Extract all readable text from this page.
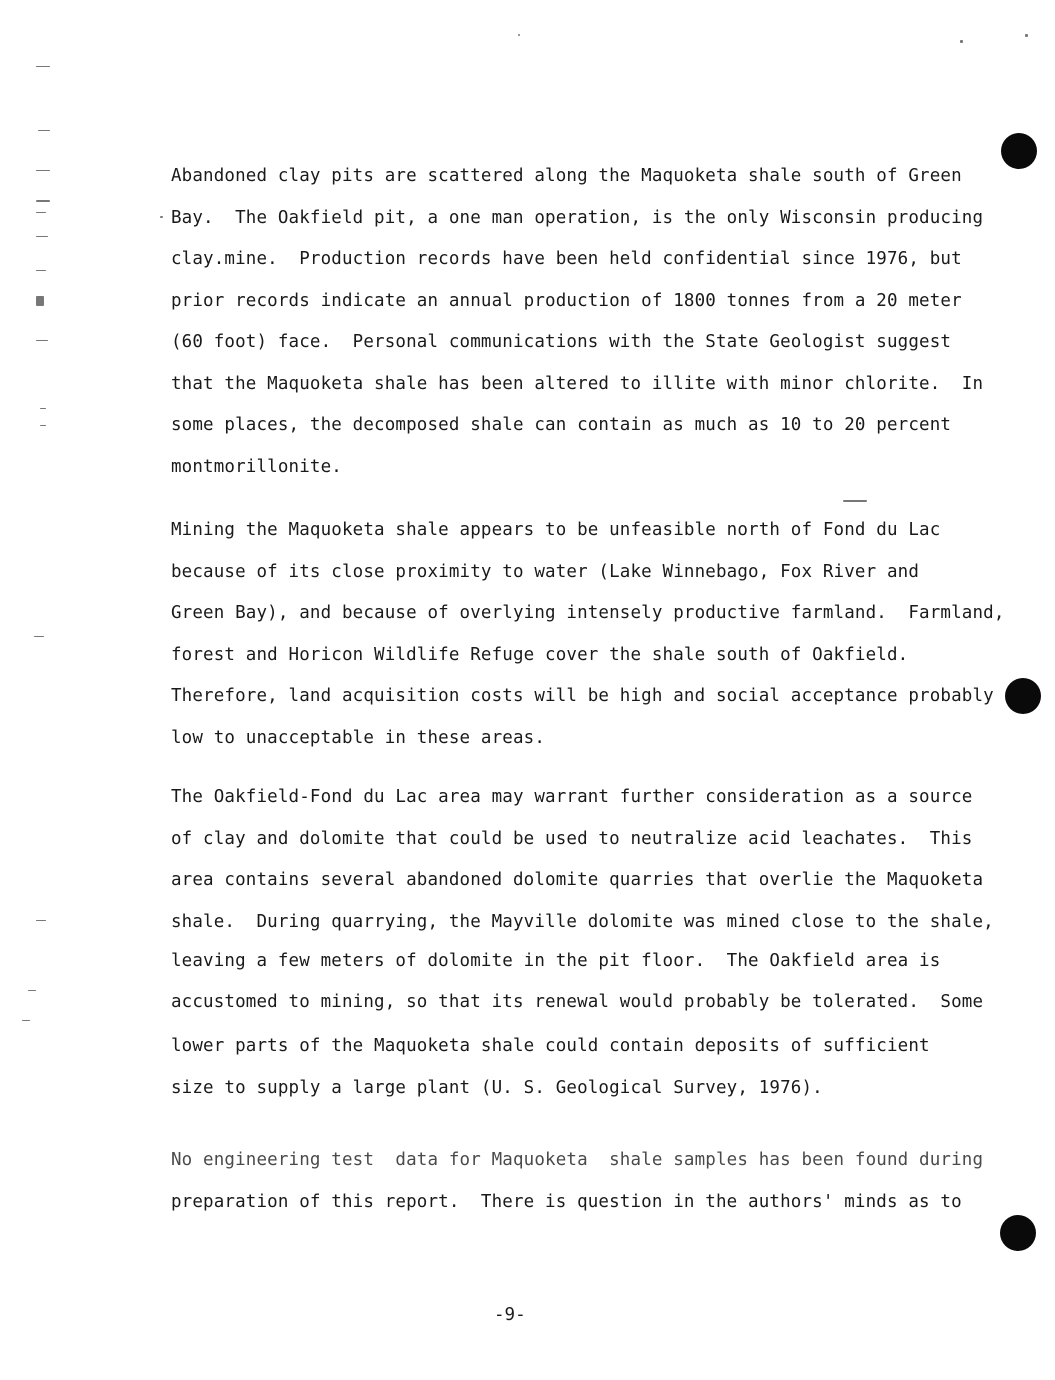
Abandoned clay pits are scattered along the Maquoketa shale south of Green
Bay.  The Oakfield pit, a one man operation, is the only Wisconsin producing
clay.mine.  Production records have been held confidential since 1976, but
prior records indicate an annual production of 1800 tonnes from a 20 meter
(60 foot) face.  Personal communications with the State Geologist suggest
that the Maquoketa shale has been altered to illite with minor chlorite.  In
some places, the decomposed shale can contain as much as 10 to 20 percent
montmorillonite.
Mining the Maquoketa shale appears to be unfeasible north of Fond du Lac
because of its close proximity to water (Lake Winnebago, Fox River and
Green Bay), and because of overlying intensely productive farmland.  Farmland,
forest and Horicon Wildlife Refuge cover the shale south of Oakfield.
Therefore, land acquisition costs will be high and social acceptance probably
low to unacceptable in these areas.
The Oakfield-Fond du Lac area may warrant further consideration as a source
of clay and dolomite that could be used to neutralize acid leachates.  This
area contains several abandoned dolomite quarries that overlie the Maquoketa
shale.  During quarrying, the Mayville dolomite was mined close to the shale,
leaving a few meters of dolomite in the pit floor.  The Oakfield area is
accustomed to mining, so that its renewal would probably be tolerated.  Some
lower parts of the Maquoketa shale could contain deposits of sufficient
size to supply a large plant (U. S. Geological Survey, 1976).
No engineering test  data for Maquoketa  shale samples has been found during
preparation of this report.  There is question in the authors' minds as to
-9-
